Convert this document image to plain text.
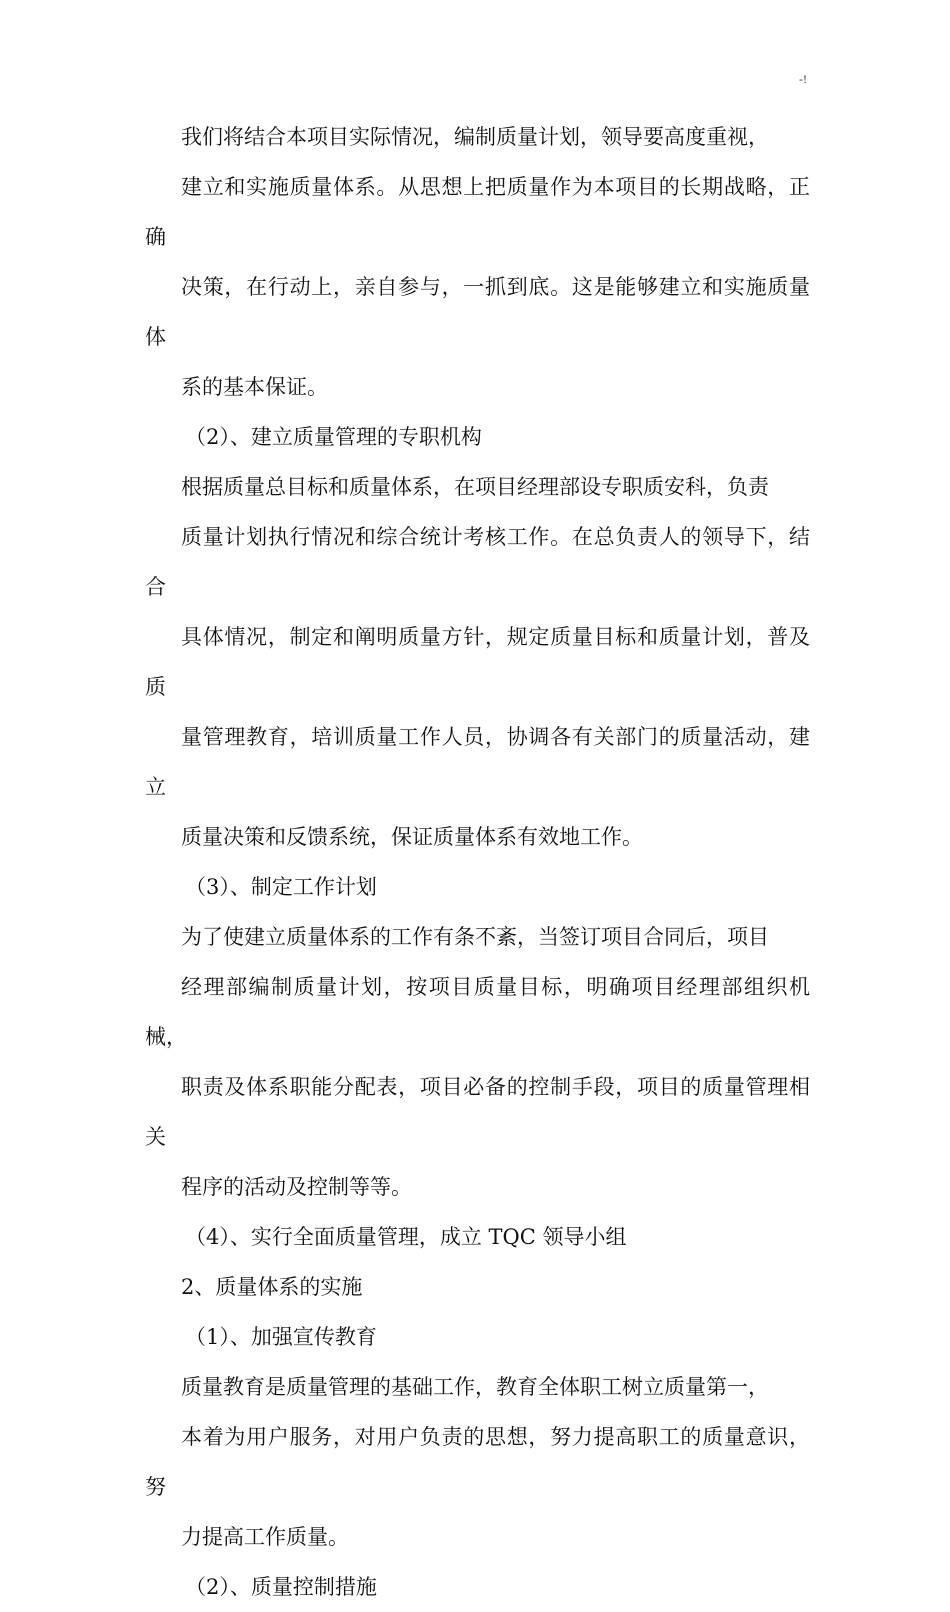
-!

我们将结合本项目实际情况，编制质量计划，领导要高度重视，
建立和实施质量体系。从思想上把质量作为本项目的长期战略，正确
决策，在行动上，亲自参与，一抓到底。这是能够建立和实施质量体
系的基本保证。

（2）、建立质量管理的专职机构

根据质量总目标和质量体系，在项目经理部设专职质安科，负责
质量计划执行情况和综合统计考核工作。在总负责人的领导下，结合
具体情况，制定和阐明质量方针，规定质量目标和质量计划，普及质
量管理教育，培训质量工作人员，协调各有关部门的质量活动，建立
质量决策和反馈系统，保证质量体系有效地工作。

（3）、制定工作计划

为了使建立质量体系的工作有条不紊，当签订项目合同后，项目
经理部编制质量计划，按项目质量目标，明确项目经理部组织机械，
职责及体系职能分配表，项目必备的控制手段，项目的质量管理相关
程序的活动及控制等等。

（4）、实行全面质量管理，成立 TQC 领导小组

2、质量体系的实施

（1）、加强宣传教育

质量教育是质量管理的基础工作，教育全体职工树立质量第一，
本着为用户服务，对用户负责的思想，努力提高职工的质量意识，努
力提高工作质量。

（2）、质量控制措施
